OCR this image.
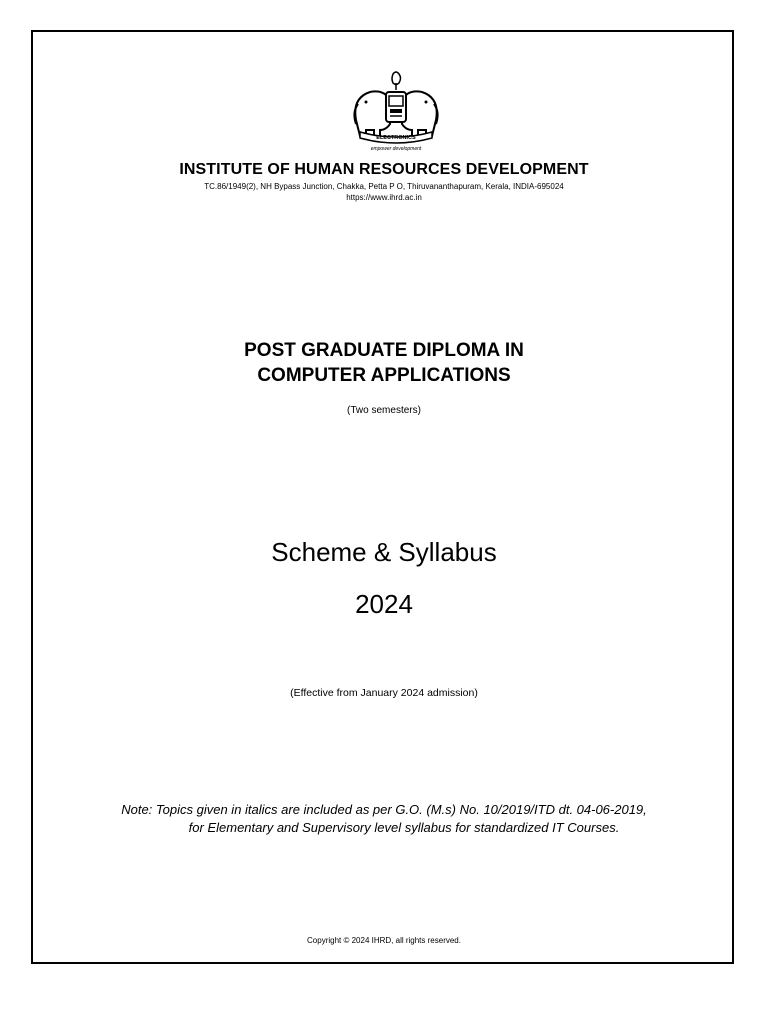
ELECTRONICS
empower development
INSTITUTE OF HUMAN RESOURCES DEVELOPMENT
TC.86/1949(2), NH Bypass Junction, Chakka, Petta P O, Thiruvananthapuram, Kerala, INDIA-695024
https://www.ihrd.ac.in
POST GRADUATE DIPLOMA IN
COMPUTER APPLICATIONS
(Two semesters)
Scheme & Syllabus
2024
(Effective from January 2024 admission)
Note: Topics given in italics are included as per G.O. (M.s) No. 10/2019/ITD dt. 04-06-2019,
for Elementary and Supervisory level syllabus for standardized IT Courses.
Copyright © 2024 IHRD, all rights reserved.
